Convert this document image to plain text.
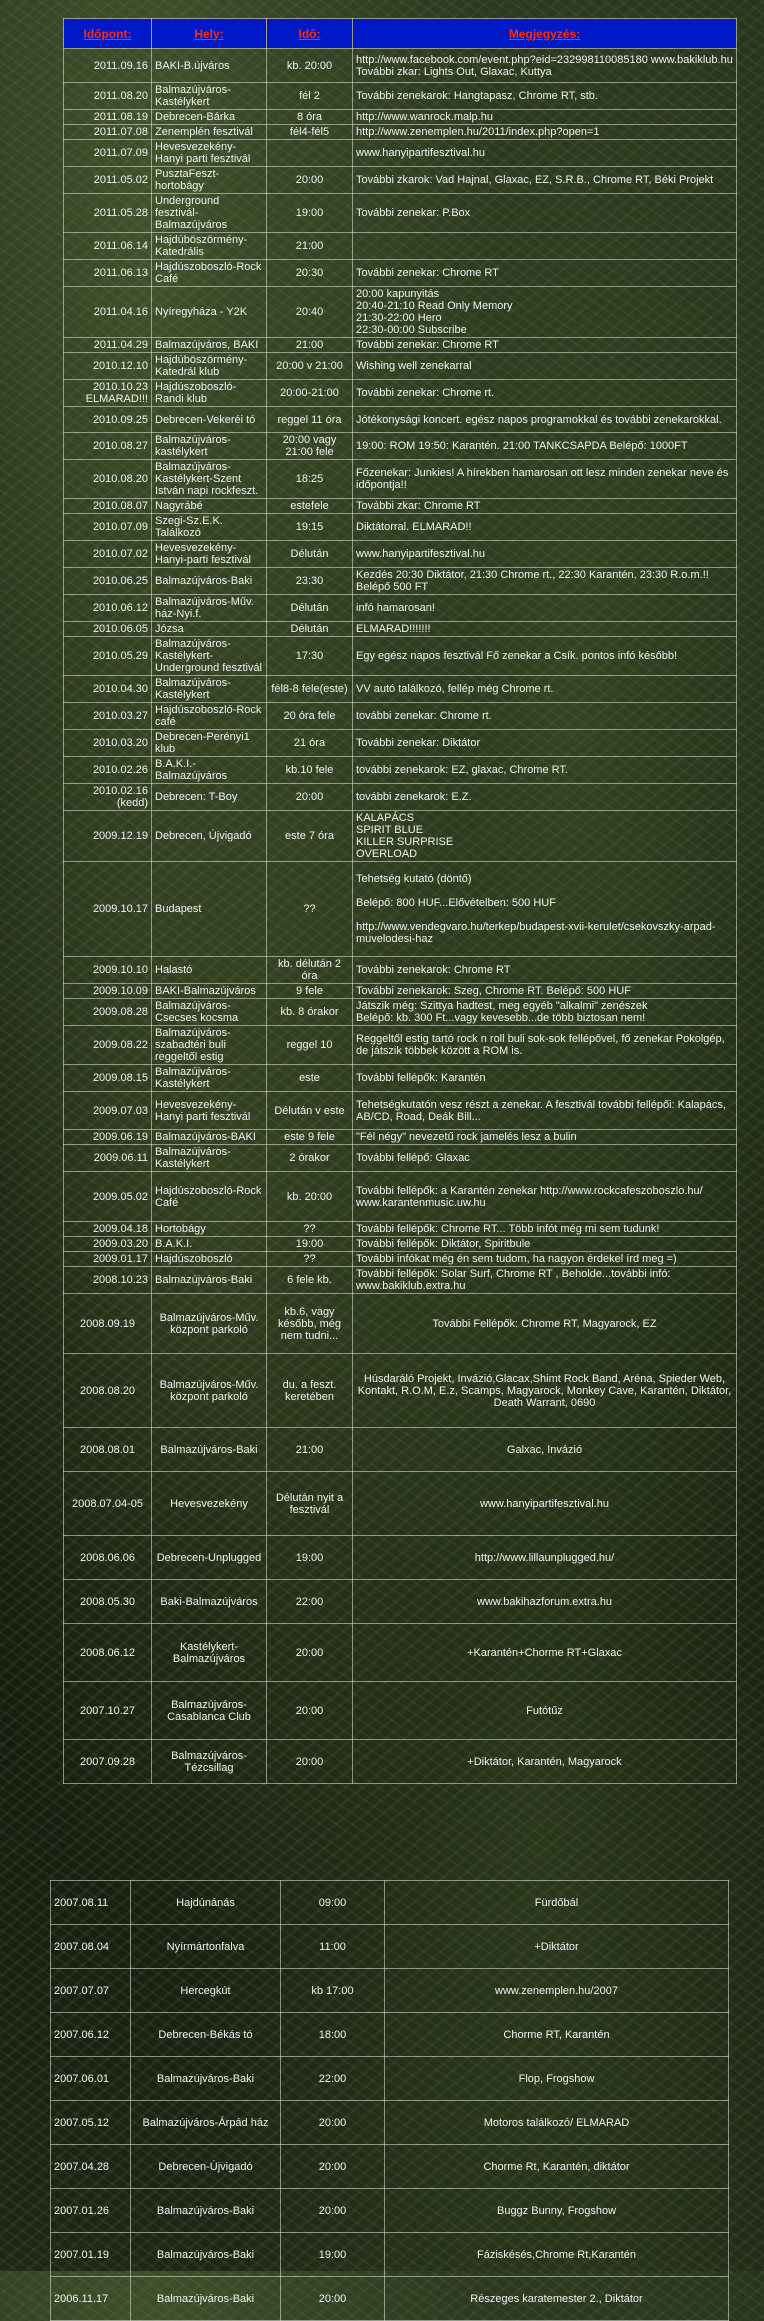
Időpont:	Hely:	Idő:	Megjegyzés:
2011.09.16	BAKI-B.újváros	kb. 20:00	http://www.facebook.com/event.php?eid=232998110085180 www.bakiklub.hu
További zkar: Lights Out, Glaxac, Kuttya
2011.08.20	Balmazújváros-Kastélykert	fél 2	További zenekarok: Hangtapasz, Chrome RT, stb.
2011.08.19	Debrecen-Bárka	8 óra	http://www.wanrock.malp.hu
2011.07.08	Zenemplén fesztivál	fél4-fél5	http://www.zenemplen.hu/2011/index.php?open=1
2011.07.09	Hevesvezekény-Hanyi parti fesztivál		www.hanyipartifesztival.hu
2011.05.02	PusztaFeszt-hortobágy	20:00	További zkarok: Vad Hajnal, Glaxac, EZ, S.R.B., Chrome RT, Béki Projekt
2011.05.28	Underground fesztivál-Balmazújváros	19:00	További zenekar: P.Box
2011.06.14	Hajdúböszörmény-Katedrális	21:00	
2011.06.13	Hajdúszoboszló-Rock Café	20:30	További zenekar: Chrome RT
2011.04.16	Nyíregyháza - Y2K	20:40	20:00 kapunyitás
20:40-21:10 Read Only Memory
21:30-22:00 Hero
22:30-00:00 Subscribe
2011.04.29	Balmazújváros, BAKI	21:00	További zenekar: Chrome RT
2010.12.10	Hajdúböszörmény-Katedrál klub	20:00 v 21:00	Wishing well zenekarral
2010.10.23 ELMARAD!!!	Hajdúszoboszló-Randi klub	20:00-21:00	További zenekar: Chrome rt.
2010.09.25	Debrecen-Vekeréi tó	reggel 11 óra	Jótékonysági koncert. egész napos programokkal és további zenekarokkal.
2010.08.27	Balmazújváros-kastélykert	20:00 vagy 21:00 fele	19:00: ROM 19:50: Karantén. 21:00 TANKCSAPDA Belépő: 1000FT
2010.08.20	Balmazújváros-Kastélykert-Szent István napi rockfeszt.	18:25	Főzenekar: Junkies! A hírekben hamarosan ott lesz minden zenekar neve és időpontja!!
2010.08.07	Nagyrábé	estefele	További zkar: Chrome RT
2010.07.09	Szegi-Sz.E.K. Találkozó	19:15	Diktátorral. ELMARAD!!
2010.07.02	Hevesvezekény- Hanyi-parti fesztivál	Délután	www.hanyipartifesztival.hu
2010.06.25	Balmazújváros-Baki	23:30	Kezdés 20:30 Diktátor, 21:30 Chrome rt., 22:30 Karantén, 23:30 R.o.m.!! Belépő 500 FT
2010.06.12	Balmazújváros-Műv. ház-Nyi.f.	Délután	infó hamarosan!
2010.06.05	Józsa	Délután	ELMARAD!!!!!!!
2010.05.29	Balmazújváros-Kastélykert-Underground fesztivál	17:30	Egy egész napos fesztivál Fő zenekar a Csík. pontos infó később!
2010.04.30	Balmazújváros-Kastélykert	fél8-8 fele(este)	VV autó találkozó, fellép még Chrome rt.
2010.03.27	Hajdúszoboszló-Rock café	20 óra fele	további zenekar: Chrome rt.
2010.03.20	Debrecen-Perényi1 klub	21 óra	További zenekar: Diktátor
2010.02.26	B.A.K.I.-Balmazújváros	kb.10 fele	további zenekarok: EZ, glaxac, Chrome RT.
2010.02.16 (kedd)	Debrecen: T-Boy	20:00	további zenekarok: E.Z.
2009.12.19	Debrecen, Újvigadó	este 7 óra	KALAPÁCS
SPIRIT BLUE
KILLER SURPRISE
OVERLOAD
2009.10.17	Budapest	??	Tehetség kutató (döntő)

Belépő: 800 HUF...Elővételben: 500 HUF

http://www.vendegvaro.hu/terkep/budapest-xvii-kerulet/csekovszky-arpad-muvelodesi-haz
2009.10.10	Halastó	kb. délután 2 óra	További zenekarok: Chrome RT
2009.10.09	BAKI-Balmazújváros	9 fele	További zenekarok: Szeg, Chrome RT. Belépő: 500 HUF
2009.08.28	Balmazújváros-Csecses kocsma	kb. 8 órakor	Játszik még: Szittya hadtest, meg egyéb "alkalmi" zenészek
Belépő: kb. 300 Ft...vagy kevesebb...de több biztosan nem!
2009.08.22	Balmazújváros-szabadtéri buli reggeltől estig	reggel 10	Reggeltől estig tartó rock n roll buli sok-sok fellépővel, fő zenekar Pokolgép, de játszik többek között a ROM is.
2009.08.15	Balmazújváros-Kastélykert	este	További fellépők: Karantén
2009.07.03	Hevesvezekény-Hanyi parti fesztivál	Délután v este	Tehetségkutatón vesz részt a zenekar. A fesztivál további fellépői: Kalapács, AB/CD, Road, Deák Bill...
2009.06.19	Balmazújváros-BAKI	este 9 fele	"Fél négy" nevezetű rock jamelés lesz a bulin
2009.06.11	Balmazújváros-Kastélykert	2 órakor	További fellépő: Glaxac
2009.05.02	Hajdúszoboszló-Rock Café	kb. 20:00	További fellépők: a Karantén zenekar http://www.rockcafeszoboszlo.hu/ www.karantenmusic.uw.hu
2009.04.18	Hortobágy	??	További fellépők: Chrome RT... Több infót még mi sem tudunk!
2009.03.20	B.A.K.I.	19:00	További fellépők: Diktátor, Spiritbule
2009.01.17	Hajdúszoboszló	??	További infókat még én sem tudom, ha nagyon érdekel írd meg =)
2008.10.23	Balmazújváros-Baki	6 fele kb.	További fellépők: Solar Surf, Chrome RT , Beholde...további infó: www.bakiklub.extra.hu
2008.09.19	Balmazújváros-Műv. központ parkoló	kb.6, vagy később, még nem tudni...	További Fellépők: Chrome RT, Magyarock, EZ
2008.08.20	Balmazújváros-Műv. központ parkoló	du. a feszt. keretében	Húsdaráló Projekt, Invázió,Glacax,Shimt Rock Band, Aréna, Spieder Web, Kontakt, R.O.M, E.z, Scamps, Magyarock, Monkey Cave, Karantén, Diktátor, Death Warrant, 0690
2008.08.01	Balmazújváros-Baki	21:00	Galxac, Invázió
2008.07.04-05	Hevesvezekény	Délután nyit a fesztivál	www.hanyipartifesztival.hu
2008.06.06	Debrecen-Unplugged	19:00	http://www.lillaunplugged.hu/
2008.05.30	Baki-Balmazújváros	22:00	www.bakihazforum.extra.hu
2008.06.12	Kastélykert-Balmazújváros	20:00	+Karantén+Chorme RT+Glaxac
2007.10.27	Balmazújváros-Casablanca Club	20:00	Futótűz
2007.09.28	Balmazújváros-Tézcsillag	20:00	+Diktátor, Karantén, Magyarock
2007.08.11	Hajdúnánás	09:00	Fürdőbál
2007.08.04	Nyírmártonfalva	11:00	+Diktátor
2007.07.07	Hercegkút	kb 17:00	www.zenemplen.hu/2007
2007.06.12	Debrecen-Békás tó	18:00	Chorme RT, Karantén
2007.06.01	Balmazújváros-Baki	22:00	Flop, Frogshow
2007.05.12	Balmazújváros-Árpád ház	20:00	Motoros találkozó/ ELMARAD
2007.04.28	Debrecen-Újvigadó	20:00	Chorme Rt, Karantén, diktátor
2007.01.26	Balmazújváros-Baki	20:00	Buggz Bunny, Frogshow
2007.01.19	Balmazújváros-Baki	19:00	Fáziskésés,Chrome Rt,Karantén
2006.11.17	Balmazújváros-Baki	20:00	Részeges karatemester 2., Diktátor
